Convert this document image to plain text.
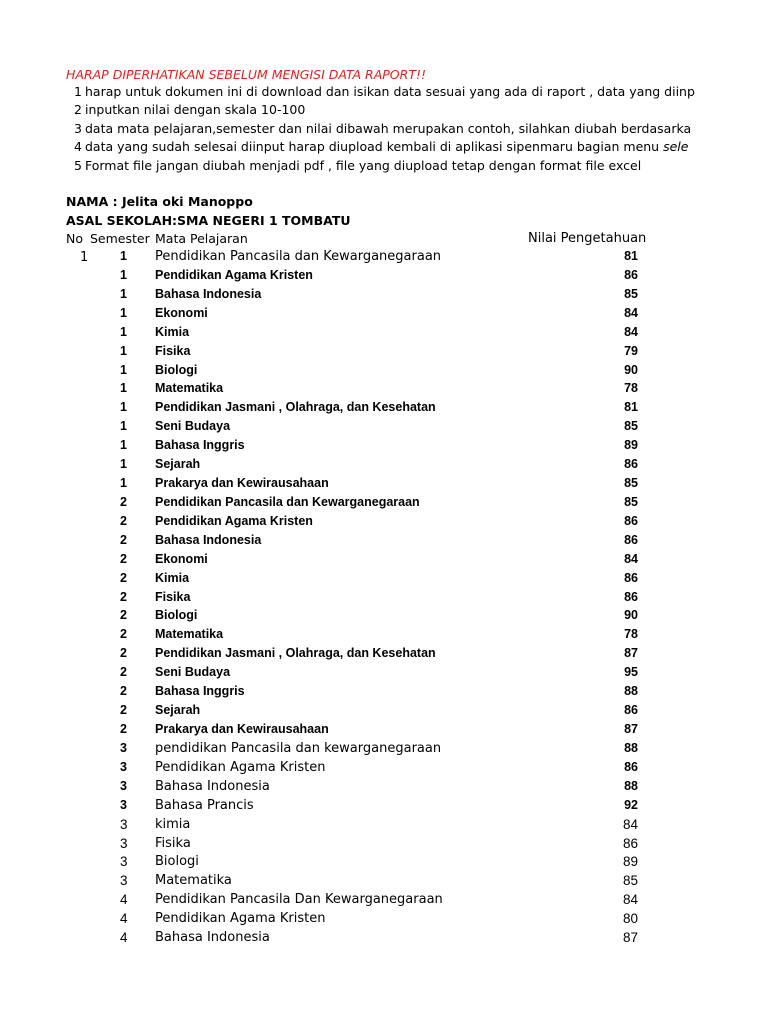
HARAP DIPERHATIKAN SEBELUM MENGISI DATA RAPORT!!
1 harap untuk dokumen ini di download dan isikan data sesuai yang ada di raport , data yang diinp
2 inputkan nilai dengan skala 10-100
3 data mata pelajaran,semester dan nilai dibawah merupakan contoh, silahkan diubah berdasarka
4 data yang sudah selesai diinput harap diupload kembali di aplikasi sipenmaru bagian menu sele
5 Format file jangan diubah menjadi pdf , file yang diupload tetap dengan format file excel
NAMA : Jelita oki Manoppo
ASAL SEKOLAH:SMA NEGERI 1 TOMBATU
No Semester Mata Pelajaran	Nilai Pengetahuan
1	1 Pendidikan Pancasila dan Kewarganegaraan	81
1 Pendidikan Agama Kristen	86
1 Bahasa Indonesia	85
1 Ekonomi	84
1 Kimia	84
1 Fisika	79
1 Biologi	90
1 Matematika	78
1 Pendidikan Jasmani , Olahraga, dan Kesehatan	81
1 Seni Budaya	85
1 Bahasa Inggris	89
1 Sejarah	86
1 Prakarya dan Kewirausahaan	85
2 Pendidikan Pancasila dan Kewarganegaraan	85
2 Pendidikan Agama Kristen	86
2 Bahasa Indonesia	86
2 Ekonomi	84
2 Kimia	86
2 Fisika	86
2 Biologi	90
2 Matematika	78
2 Pendidikan Jasmani , Olahraga, dan Kesehatan	87
2 Seni Budaya	95
2 Bahasa Inggris	88
2 Sejarah	86
2 Prakarya dan Kewirausahaan	87
3 pendidikan Pancasila dan kewarganegaraan	88
3 Pendidikan Agama Kristen	86
3 Bahasa Indonesia	88
3 Bahasa Prancis	92
3 kimia	84
3 Fisika	86
3 Biologi	89
3 Matematika	85
4 Pendidikan Pancasila Dan Kewarganegaraan	84
4 Pendidikan Agama Kristen	80
4 Bahasa Indonesia	87
